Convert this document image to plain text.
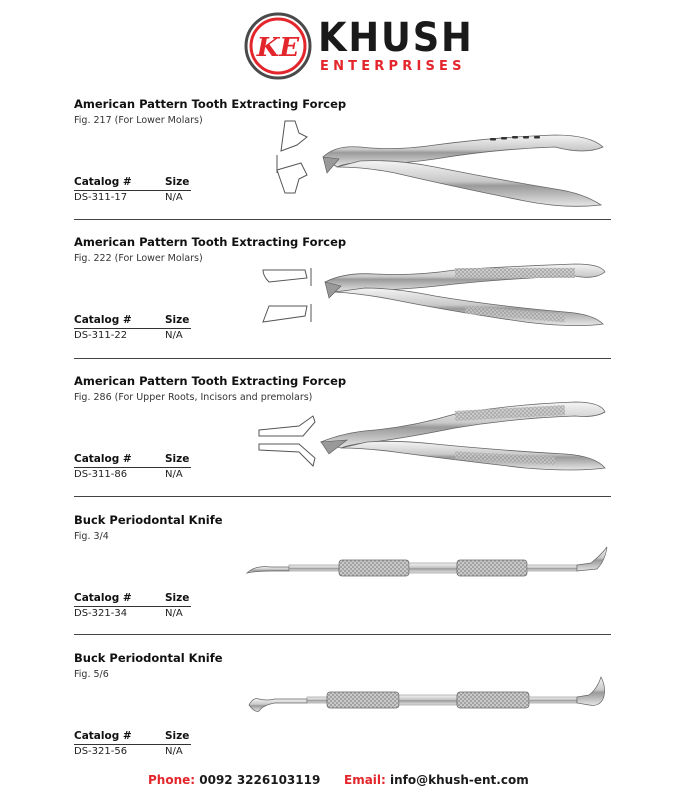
KE KHUSH
ENTERPRISES
American Pattern Tooth Extracting Forcep
Fig. 217 (For Lower Molars)
Catalog #	Size
DS-311-17	N/A
American Pattern Tooth Extracting Forcep
Fig. 222 (For Lower Molars)
Catalog #	Size
DS-311-22	N/A
American Pattern Tooth Extracting Forcep
Fig. 286 (For Upper Roots, Incisors and premolars)
Catalog #	Size
DS-311-86	N/A
Buck Periodontal Knife
Fig. 3/4
Catalog #	Size
DS-321-34	N/A
Buck Periodontal Knife
Fig. 5/6
Catalog #	Size
DS-321-56	N/A
Phone: 0092 3226103119 Email: info@khush-ent.com
